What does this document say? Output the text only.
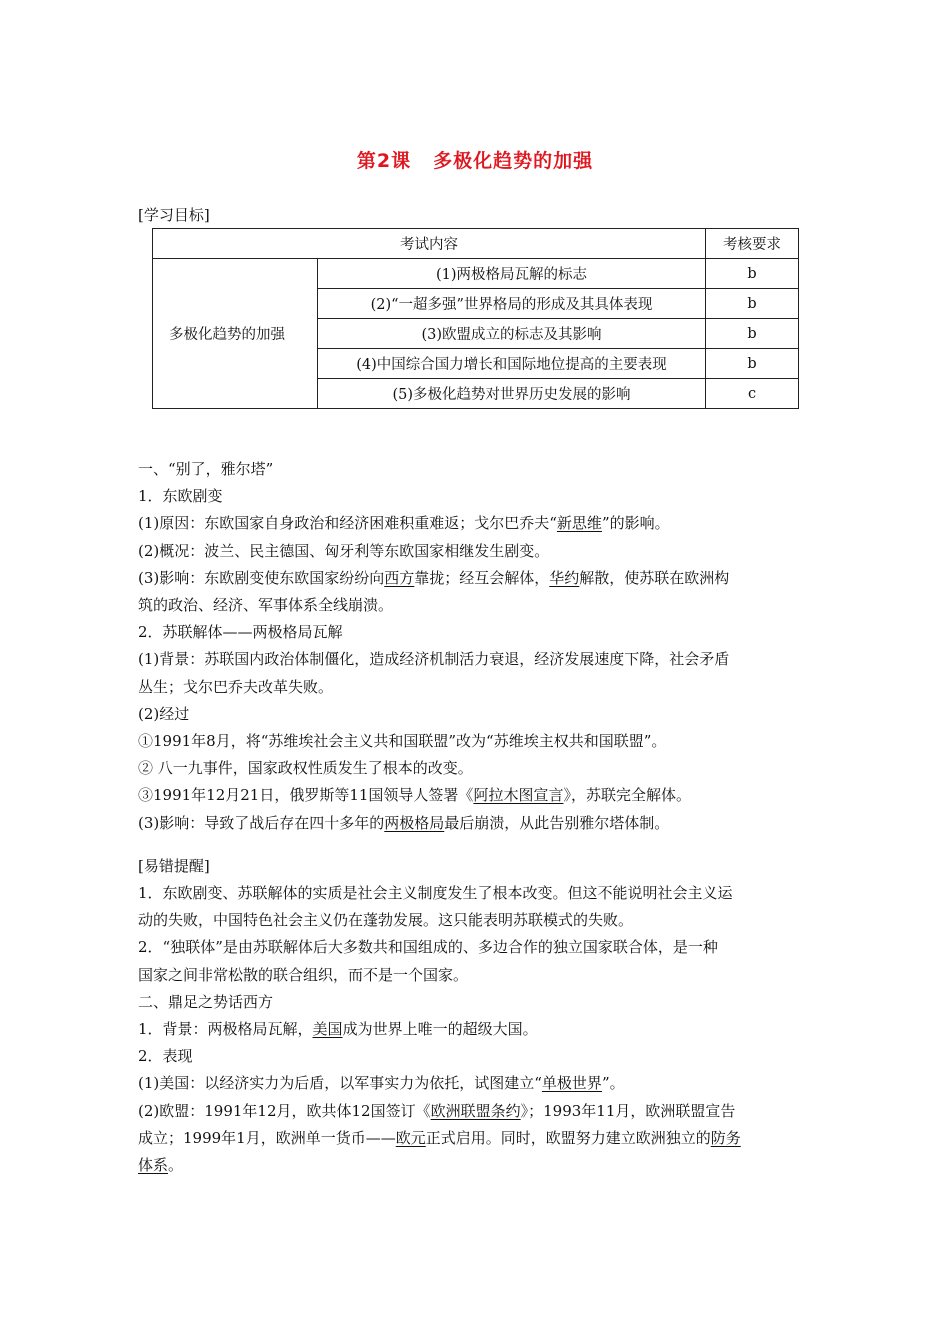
第2课 多极化趋势的加强
[学习目标]
考试内容		考核要求
多极化趋势的加强	(1)两极格局瓦解的标志	b
	(2)“一超多强”世界格局的形成及其具体表现	b
	(3)欧盟成立的标志及其影响	b
	(4)中国综合国力增长和国际地位提高的主要表现	b
	(5)多极化趋势对世界历史发展的影响	c

一、“别了，雅尔塔”

1．东欧剧变

(1)原因：东欧国家自身政治和经济困难积重难返；戈尔巴乔夫“新思维”的影响。

(2)概况：波兰、民主德国、匈牙利等东欧国家相继发生剧变。

(3)影响：东欧剧变使东欧国家纷纷向西方靠拢；经互会解体，华约解散，使苏联在欧洲构

筑的政治、经济、军事体系全线崩溃。

2．苏联解体——两极格局瓦解

(1)背景：苏联国内政治体制僵化，造成经济机制活力衰退，经济发展速度下降，社会矛盾

丛生；戈尔巴乔夫改革失败。

(2)经过

①1991年8月，将“苏维埃社会主义共和国联盟”改为“苏维埃主权共和国联盟”。

② 八一九事件，国家政权性质发生了根本的改变。

③1991年12月21日，俄罗斯等11国领导人签署《阿拉木图宣言》，苏联完全解体。

(3)影响：导致了战后存在四十多年的两极格局最后崩溃，从此告别雅尔塔体制。

[易错提醒]

1．东欧剧变、苏联解体的实质是社会主义制度发生了根本改变。但这不能说明社会主义运

动的失败，中国特色社会主义仍在蓬勃发展。这只能表明苏联模式的失败。

2．“独联体”是由苏联解体后大多数共和国组成的、多边合作的独立国家联合体，是一种

国家之间非常松散的联合组织，而不是一个国家。

二、鼎足之势话西方

1．背景：两极格局瓦解，美国成为世界上唯一的超级大国。

2．表现

(1)美国：以经济实力为后盾，以军事实力为依托，试图建立“单极世界”。

(2)欧盟：1991年12月，欧共体12国签订《欧洲联盟条约》；1993年11月，欧洲联盟宣告

成立；1999年1月，欧洲单一货币——欧元正式启用。同时，欧盟努力建立欧洲独立的防务

体系。
